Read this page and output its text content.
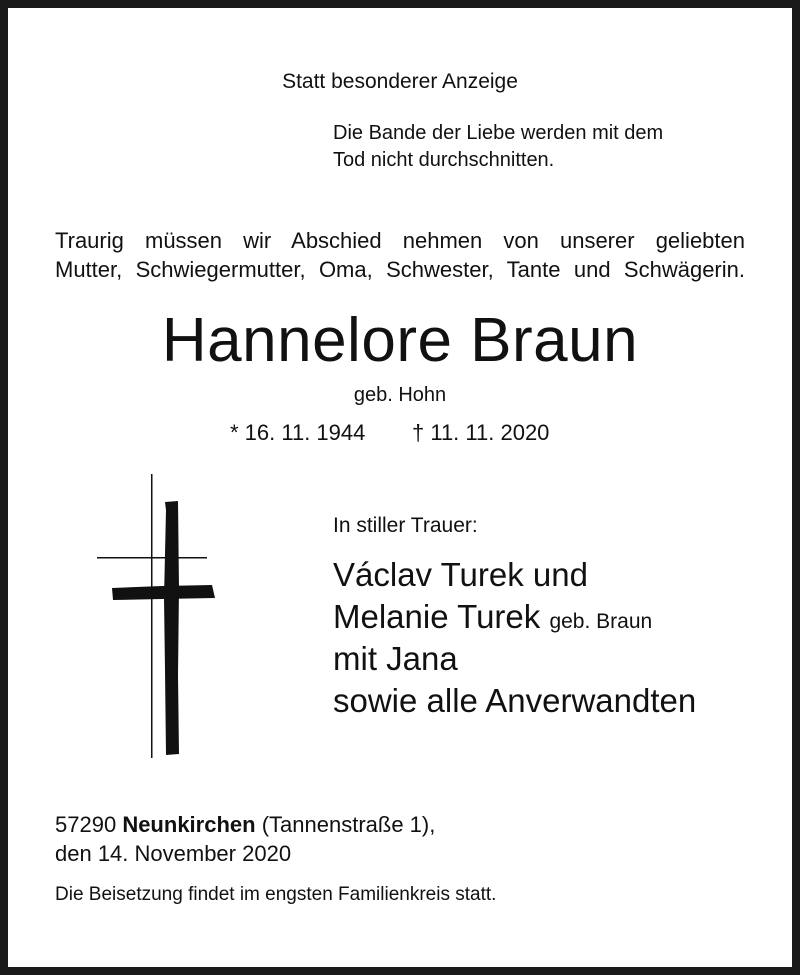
Statt besonderer Anzeige
Die Bande der Liebe werden mit dem
Tod nicht durchschnitten.
Traurig müssen wir Abschied nehmen von unserer geliebten
Mutter, Schwiegermutter, Oma, Schwester, Tante und Schwägerin.
Hannelore Braun
geb. Hohn
* 16. 11. 1944 † 11. 11. 2020
In stiller Trauer:
Václav Turek und
Melanie Turek geb. Braun
mit Jana
sowie alle Anverwandten
57290 Neunkirchen (Tannenstraße 1),
den 14. November 2020
Die Beisetzung findet im engsten Familienkreis statt.
